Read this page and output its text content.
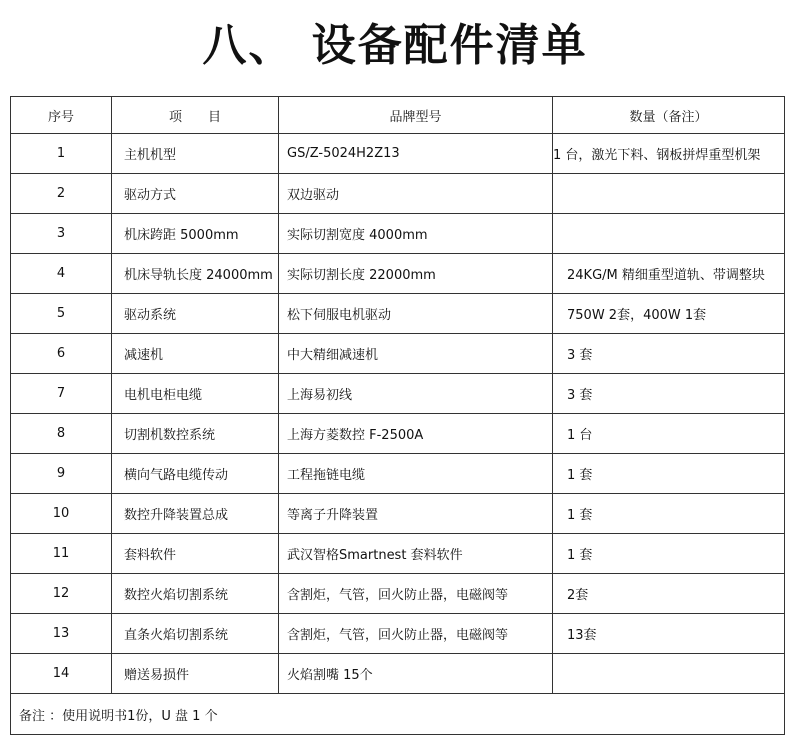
八、 设备配件清单
序号	项　　目	品牌型号	数量（备注）
1	主机机型	GS/Z-5024H2Z13	1 台，激光下料、钢板拼焊重型机架
2	驱动方式	双边驱动	
3	机床跨距 5000mm	实际切割宽度 4000mm	
4	机床导轨长度 24000mm	实际切割长度 22000mm	24KG/M 精细重型道轨、带调整块
5	驱动系统	松下伺服电机驱动	750W 2套，400W 1套
6	减速机	中大精细减速机	3 套
7	电机电柜电缆	上海易初线	3 套
8	切割机数控系统	上海方菱数控 F-2500A	1 台
9	横向气路电缆传动	工程拖链电缆	1 套
10	数控升降装置总成	等离子升降装置	1 套
11	套料软件	武汉智格Smartnest 套料软件	1 套
12	数控火焰切割系统	含割炬，气管，回火防止器，电磁阀等	2套
13	直条火焰切割系统	含割炬，气管，回火防止器，电磁阀等	13套
14	赠送易损件	火焰割嘴 15个	
备注 ：使用说明书1份，U 盘 1 个			
